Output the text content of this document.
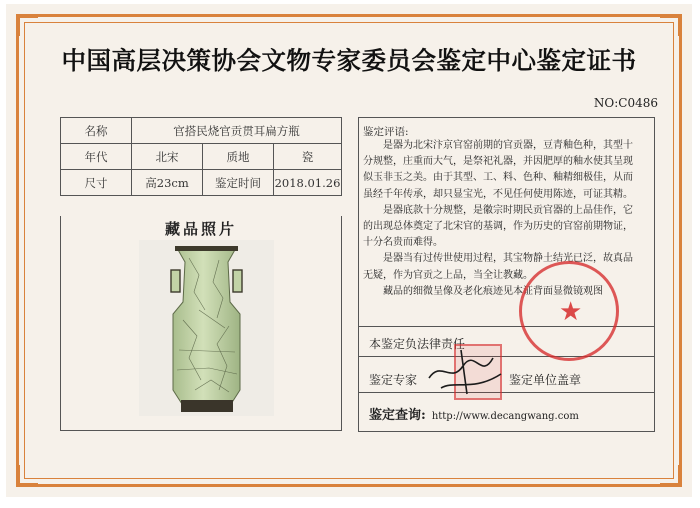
中国高层决策协会文物专家委员会鉴定中心鉴定证书
NO:C0486
名称	官搭民烧官贡贯耳扁方瓶		
年代	北宋	质地	瓷
尺寸	高23cm	鉴定时间	2018.01.26
藏品照片
鉴定评语:

是器为北宋汴京官窑前期的官贡器，豆青釉色种，其型十分规整，庄重而大气，是祭祀礼器，并因肥厚的釉水使其呈现似玉非玉之美。由于其型、工、料、色种、釉精细极佳，从而虽经千年传承，却只显宝光，不见任何使用陈迹，可证其精。

是器底款十分规整，是徽宗时期民贡官器的上品佳作，它的出现总体奠定了北宋官的基调，作为历史的官窑前期物证，十分名贵而难得。

是器当有过传世使用过程，其宝物静土结光已泛，故真品无疑，作为官贡之上品，当全让教藏。

藏品的细微呈像及老化痕迹见本证背面显微镜观图

本鉴定负法律责任
鉴定专家	鉴定单位盖章
鉴定查询: http://www.decangwang.com
★
